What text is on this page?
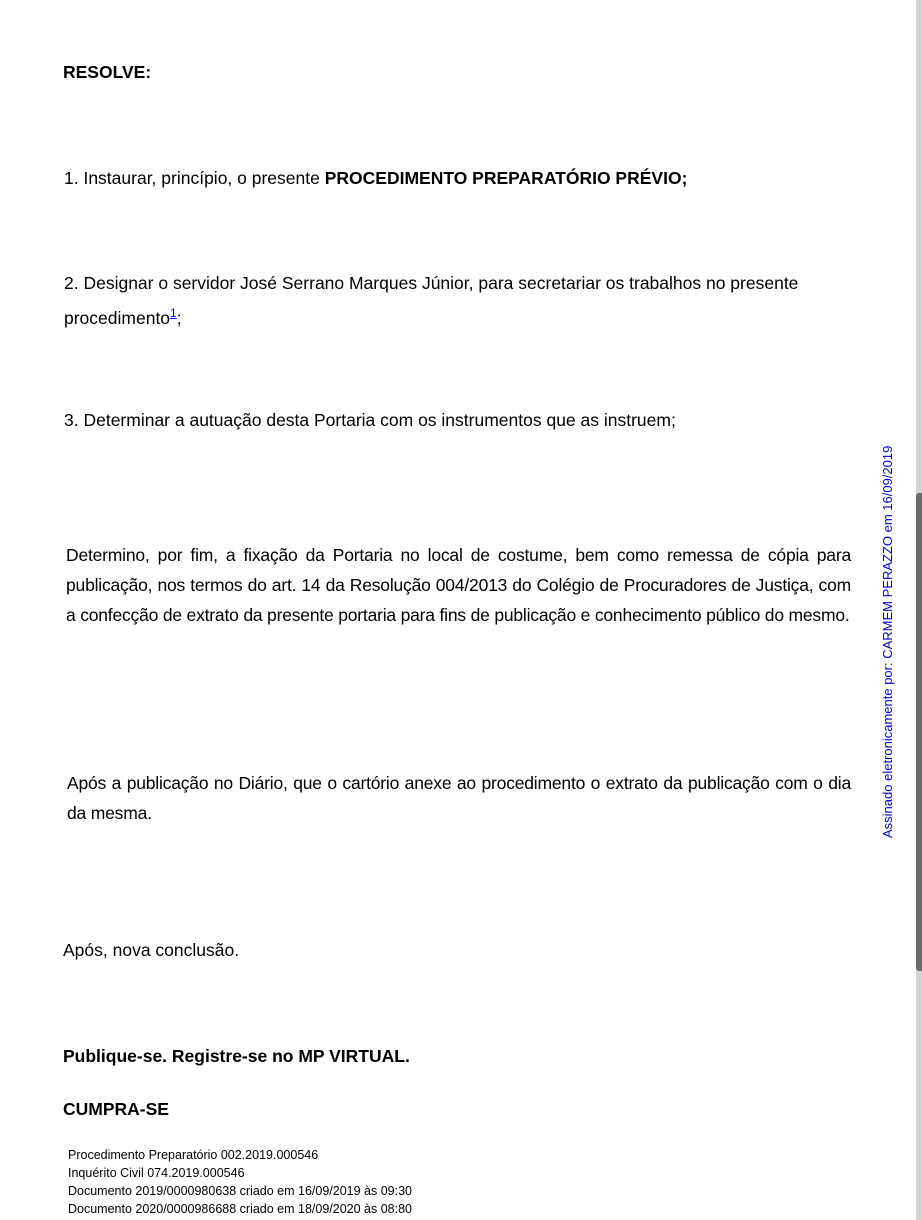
RESOLVE:

1. Instaurar, princípio, o presente PROCEDIMENTO PREPARATÓRIO PRÉVIO;

2. Designar o servidor José Serrano Marques Júnior, para secretariar os trabalhos no presente

procedimento$^1$;

3. Determinar a autuação desta Portaria com os instrumentos que as instruem;

Determino, por fim, a fixação da Portaria no local de costume, bem como remessa de cópia para publicação, nos termos do art. 14 da Resolução 004/2013 do Colégio de Procuradores de Justiça, com a confecção de extrato da presente portaria para fins de publicação e conhecimento público do mesmo.

Após a publicação no Diário, que o cartório anexe ao procedimento o extrato da publicação com o dia da mesma.

Após, nova conclusão.

Publique-se. Registre-se no MP VIRTUAL.

CUMPRA-SE

Procedimento Preparatório 002.2019.000546
Inquérito Civil 074.2019.000546
Documento 2019/0000980638 criado em 16/09/2019 às 09:30
Documento 2020/0000986688 criado em 18/09/2020 às 08:80
Assinado eletronicamente por: CARMEM PERAZZO em 16/09/2019
